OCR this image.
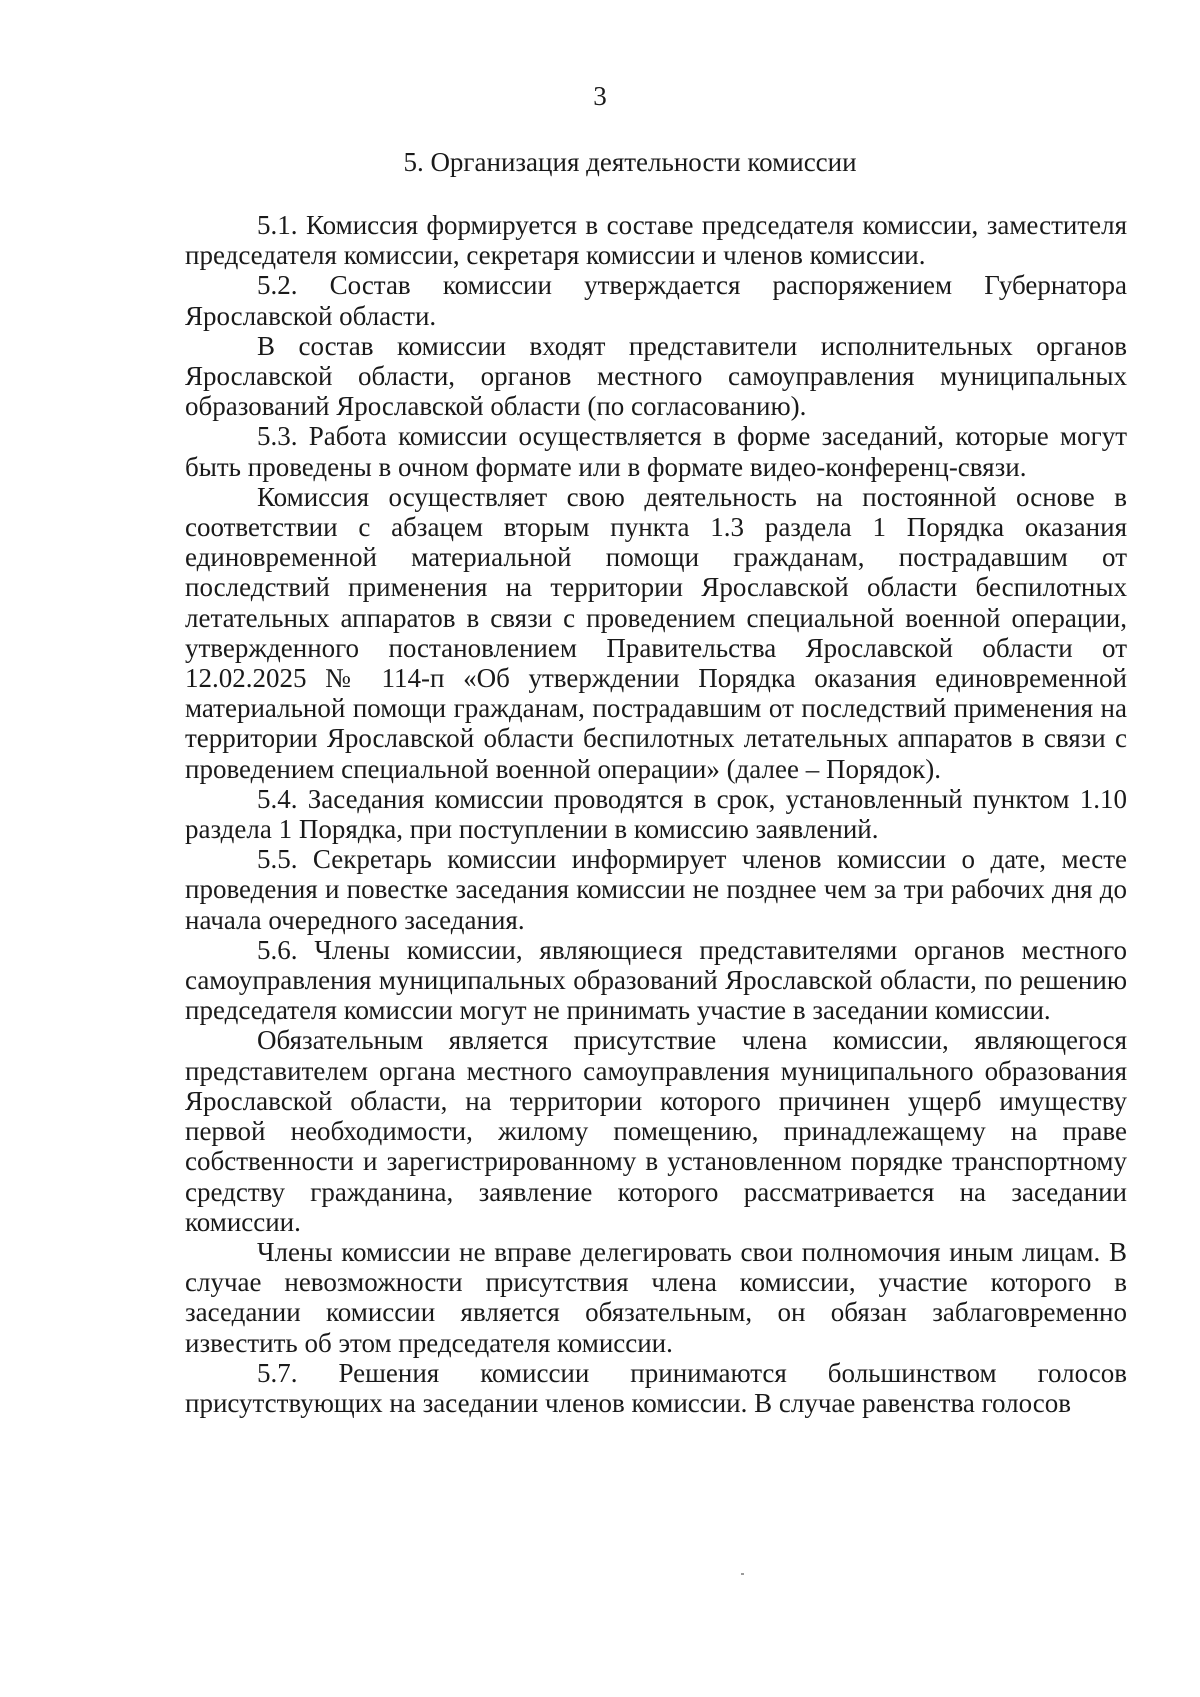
3
5. Организация деятельности комиссии

5.1. Комиссия формируется в составе председателя комиссии, заместителя председателя комиссии, секретаря комиссии и членов комиссии.

5.2. Состав комиссии утверждается распоряжением Губернатора Ярославской области.

В состав комиссии входят представители исполнительных органов Ярославской области, органов местного самоуправления муниципальных образований Ярославской области (по согласованию).

5.3. Работа комиссии осуществляется в форме заседаний, которые могут быть проведены в очном формате или в формате видео-конференц-связи.

Комиссия осуществляет свою деятельность на постоянной основе в соответствии с абзацем вторым пункта 1.3 раздела 1 Порядка оказания единовременной материальной помощи гражданам, пострадавшим от последствий применения на территории Ярославской области беспилотных летательных аппаратов в связи с проведением специальной военной операции, утвержденного постановлением Правительства Ярославской области от 12.02.2025 № 114-п «Об утверждении Порядка оказания единовременной материальной помощи гражданам, пострадавшим от последствий применения на территории Ярославской области беспилотных летательных аппаратов в связи с проведением специальной военной операции» (далее – Порядок).

5.4. Заседания комиссии проводятся в срок, установленный пунктом 1.10 раздела 1 Порядка, при поступлении в комиссию заявлений.

5.5. Секретарь комиссии информирует членов комиссии о дате, месте проведения и повестке заседания комиссии не позднее чем за три рабочих дня до начала очередного заседания.

5.6. Члены комиссии, являющиеся представителями органов местного самоуправления муниципальных образований Ярославской области, по решению председателя комиссии могут не принимать участие в заседании комиссии.

Обязательным является присутствие члена комиссии, являющегося представителем органа местного самоуправления муниципального образования Ярославской области, на территории которого причинен ущерб имуществу первой необходимости, жилому помещению, принадлежащему на праве собственности и зарегистрированному в установленном порядке транспортному средству гражданина, заявление которого рассматривается на заседании комиссии.

Члены комиссии не вправе делегировать свои полномочия иным лицам. В случае невозможности присутствия члена комиссии, участие которого в заседании комиссии является обязательным, он обязан заблаговременно известить об этом председателя комиссии.

5.7. Решения комиссии принимаются большинством голосов присутствующих на заседании членов комиссии. В случае равенства голосов
